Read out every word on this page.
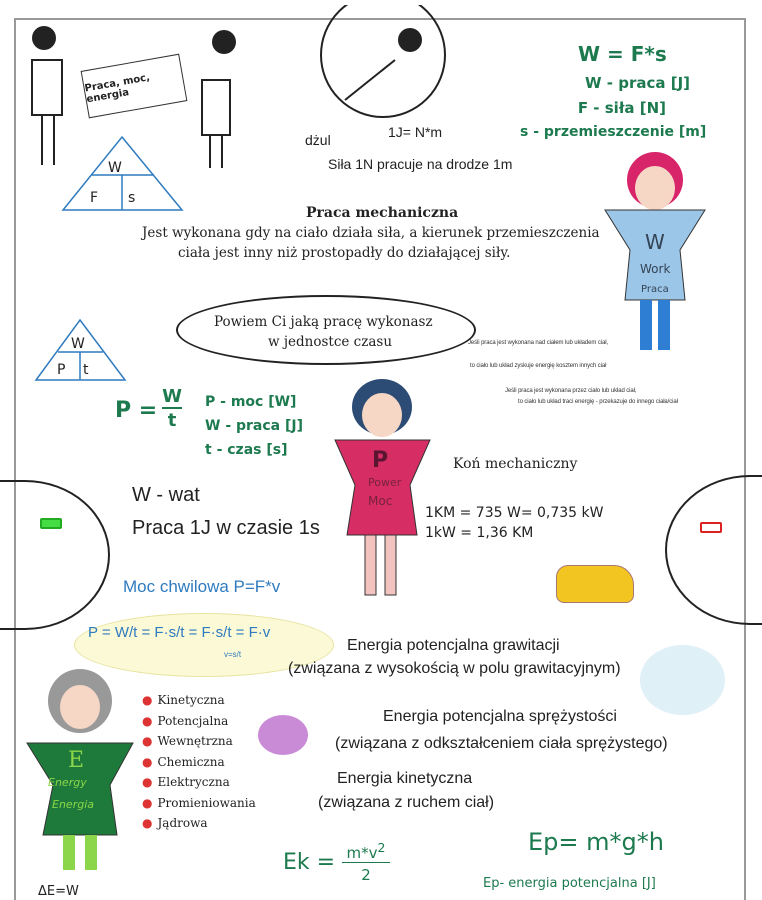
Praca, moc, energia
W
F s
dżul	1J= N*m
Siła 1N pracuje na drodze 1m
W = F*s
W - praca [J]
F - siła [N]
s - przemieszczenie [m]
Praca mechaniczna
Jest wykonana gdy na ciało działa siła, a kierunek przemieszczenia
ciała jest inny niż prostopadły do działającej siły.	W
Work
Praca
Powiem Ci jaką pracę wykonasz
w jednostce czasu	Jeśli praca jest wykonana nad ciałem lub układem ciał,
to ciało lub układ zyskuje energię kosztem innych ciał
Jeśli praca jest wykonana przez ciało lub układ ciał,
to ciało lub układ traci energię - przekazuje do innego ciała/ciał
W
P t
P =
W
t
P - moc [W]
W - praca [J]
t - czas [s]	P
Power
Moc
Koń mechaniczny
1KM = 735 W= 0,735 kW
1kW = 1,36 KM
W - wat
Praca 1J w czasie 1s
Moc chwilowa P=F*v
P = W/t = F·s/t = F·s/t = F·v
v=s/t
Energia potencjalna grawitacji
(związana z wysokością w polu grawitacyjnym)
E
Energy
Energia
● Kinetyczna
● Potencjalna
● Wewnętrzna
● Chemiczna
● Elektryczna
● Promieniowania
● Jądrowa
Energia potencjalna sprężystości
(związana z odkształceniem ciała sprężystego)
Energia kinetyczna
(związana z ruchem ciał)
$Ek = m*v^2$
2
Ep= m*g*h
Ep- energia potencjalna [J]
ΔE=W
